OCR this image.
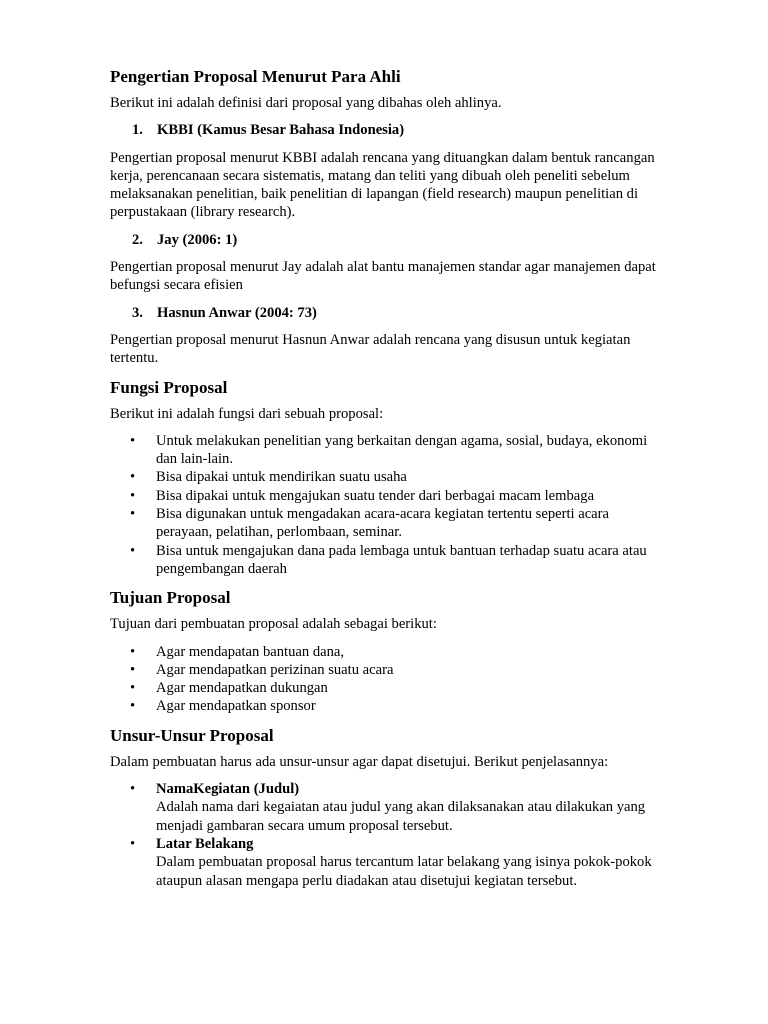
Pengertian Proposal Menurut Para Ahli

Berikut ini adalah definisi dari proposal yang dibahas oleh ahlinya.

1. KBBI (Kamus Besar Bahasa Indonesia)

Pengertian proposal menurut KBBI adalah rencana yang dituangkan dalam bentuk rancangan
kerja, perencanaan secara sistematis, matang dan teliti yang dibuah oleh peneliti sebelum
melaksanakan penelitian, baik penelitian di lapangan (field research) maupun penelitian di
perpustakaan (library research).

2. Jay (2006: 1)

Pengertian proposal menurut Jay adalah alat bantu manajemen standar agar manajemen dapat
befungsi secara efisien

3. Hasnun Anwar (2004: 73)

Pengertian proposal menurut Hasnun Anwar adalah rencana yang disusun untuk kegiatan
tertentu.

Fungsi Proposal

Berikut ini adalah fungsi dari sebuah proposal:

• Untuk melakukan penelitian yang berkaitan dengan agama, sosial, budaya, ekonomi
dan lain-lain.
• Bisa dipakai untuk mendirikan suatu usaha
• Bisa dipakai untuk mengajukan suatu tender dari berbagai macam lembaga
• Bisa digunakan untuk mengadakan acara-acara kegiatan tertentu seperti acara
perayaan, pelatihan, perlombaan, seminar.
• Bisa untuk mengajukan dana pada lembaga untuk bantuan terhadap suatu acara atau
pengembangan daerah
Tujuan Proposal

Tujuan dari pembuatan proposal adalah sebagai berikut:

• Agar mendapatan bantuan dana,
• Agar mendapatkan perizinan suatu acara
• Agar mendapatkan dukungan
• Agar mendapatkan sponsor
Unsur-Unsur Proposal

Dalam pembuatan harus ada unsur-unsur agar dapat disetujui. Berikut penjelasannya:

• NamaKegiatan (Judul)
Adalah nama dari kegaiatan atau judul yang akan dilaksanakan atau dilakukan yang
menjadi gambaran secara umum proposal tersebut.
• Latar Belakang
Dalam pembuatan proposal harus tercantum latar belakang yang isinya pokok-pokok
ataupun alasan mengapa perlu diadakan atau disetujui kegiatan tersebut.
